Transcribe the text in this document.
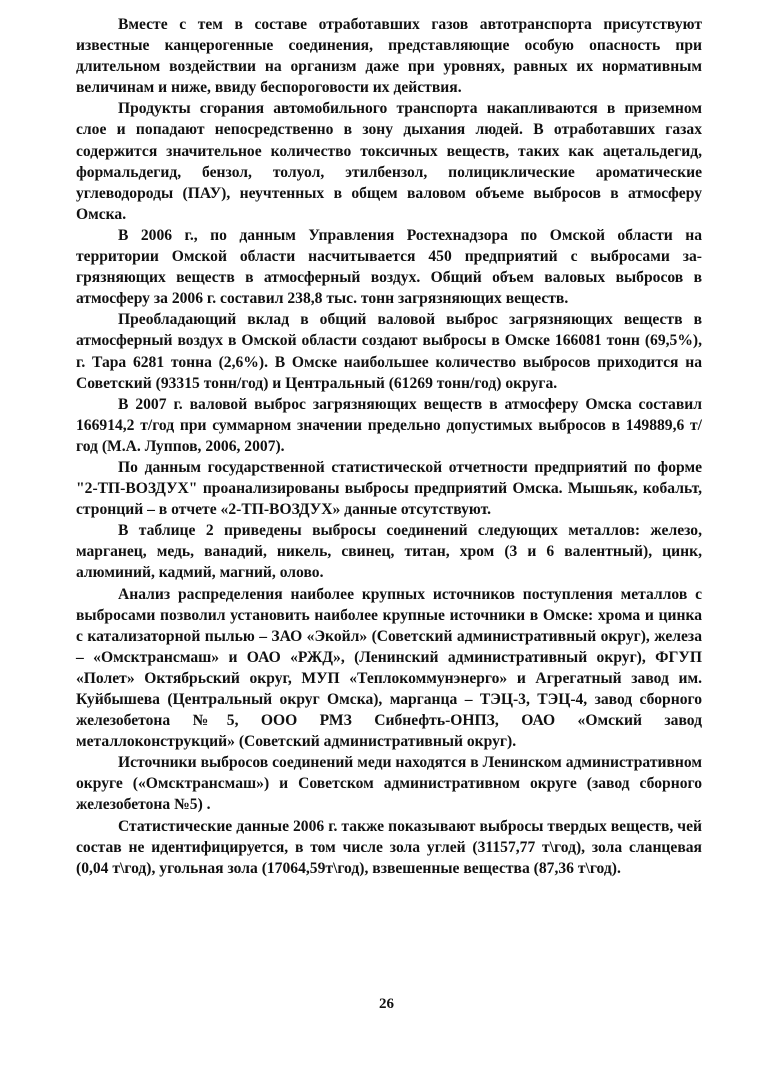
Вместе с тем в составе отработавших газов автотранспорта присутствуют известные канцерогенные соединения, представляющие особую опасность при длительном воздействии на организм даже при уровнях, равных их нормативным величинам и ниже, ввиду беспороговости их действия.

Продукты сгорания автомобильного транспорта накапливаются в приземном слое и попадают непосредственно в зону дыхания людей. В отработавших газах содержится значительное количество токсичных веществ, таких как ацетальдегид, формальдегид, бензол, толуол, этилбензол, полициклические ароматические углеводороды (ПАУ), неучтенных в общем валовом объеме выбросов в атмосферу Омска.

В 2006 г., по данным Управления Ростехнадзора по Омской области на территории Омской области насчитывается 450 предприятий с выбросами загрязняющих веществ в атмосферный воздух. Общий объем валовых выбросов в атмосферу за 2006 г. составил 238,8 тыс. тонн загрязняющих веществ.

Преобладающий вклад в общий валовой выброс загрязняющих веществ в атмосферный воздух в Омской области создают выбросы в Омске 166081 тонн (69,5%), г. Тара 6281 тонна (2,6%). В Омске наибольшее количество выбросов приходится на Советский (93315 тонн/год) и Центральный (61269 тонн/год) округа.

В 2007 г. валовой выброс загрязняющих веществ в атмосферу Омска составил 166914,2 т/год при суммарном значении предельно допустимых выбросов в 149889,6 т/год (М.А. Луппов, 2006, 2007).

По данным государственной статистической отчетности предприятий по форме "2-ТП-ВОЗДУХ" проанализированы выбросы предприятий Омска. Мышьяк, кобальт, стронций – в отчете «2-ТП-ВОЗДУХ» данные отсутствуют.

В таблице 2 приведены выбросы соединений следующих металлов: железо, марганец, медь, ванадий, никель, свинец, титан, хром (3 и 6 валентный), цинк, алюминий, кадмий, магний, олово.

Анализ распределения наиболее крупных источников поступления металлов с выбросами позволил установить наиболее крупные источники в Омске: хрома и цинка с катализаторной пылью – ЗАО «Экойл» (Советский административный округ), железа – «Омсктрансмаш» и ОАО «РЖД», (Ленинский административный округ), ФГУП «Полет» Октябрьский округ, МУП «Теплокоммунэнерго» и Агрегатный завод им. Куйбышева (Центральный округ Омска), марганца – ТЭЦ-3, ТЭЦ-4, завод сборного железобетона №5, ООО РМЗ Сибнефть-ОНПЗ, ОАО «Омский завод металлоконструкций» (Советский административный округ).

Источники выбросов соединений меди находятся в Ленинском административном округе («Омсктрансмаш») и Советском административном округе (завод сборного железобетона №5) .

Статистические данные 2006 г. также показывают выбросы твердых веществ, чей состав не идентифицируется, в том числе зола углей (31157,77 т\год), зола сланцевая (0,04 т\год), угольная зола (17064,59т\год), взвешенные вещества (87,36 т\год).

26
